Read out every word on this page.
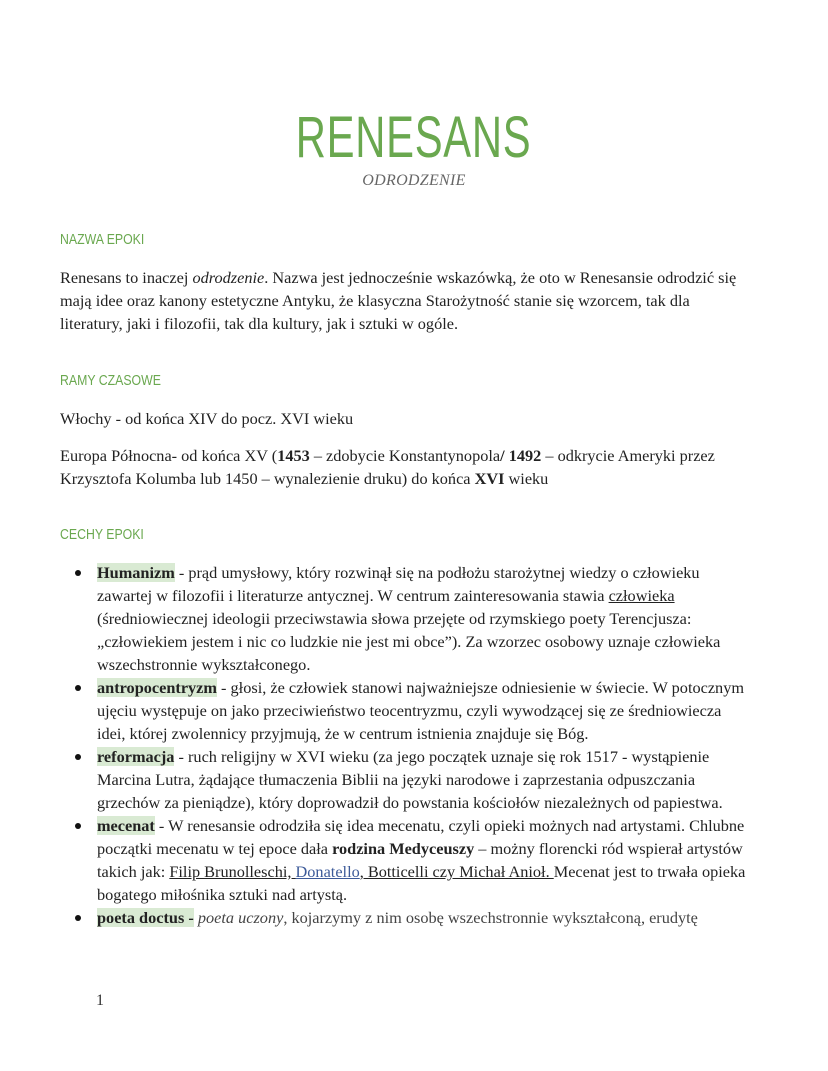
RENESANS
ODRODZENIE
NAZWA EPOKI
Renesans to inaczej odrodzenie. Nazwa jest jednocześnie wskazówką, że oto w Renesansie odrodzić się mają idee oraz kanony estetyczne Antyku, że klasyczna Starożytność stanie się wzorcem, tak dla literatury, jaki i filozofii, tak dla kultury, jak i sztuki w ogóle.
RAMY CZASOWE
Włochy - od końca XIV do pocz. XVI wieku
Europa Północna- od końca XV (1453 – zdobycie Konstantynopola/ 1492 – odkrycie Ameryki przez Krzysztofa Kolumba lub 1450 – wynalezienie druku) do końca XVI wieku
CECHY EPOKI
Humanizm - prąd umysłowy, który rozwinął się na podłożu starożytnej wiedzy o człowieku zawartej w filozofii i literaturze antycznej. W centrum zainteresowania stawia człowieka (średniowiecznej ideologii przeciwstawia słowa przejęte od rzymskiego poety Terencjusza: „człowiekiem jestem i nic co ludzkie nie jest mi obce”). Za wzorzec osobowy uznaje człowieka wszechstronnie wykształconego.
antropocentryzm - głosi, że człowiek stanowi najważniejsze odniesienie w świecie. W potocznym ujęciu występuje on jako przeciwieństwo teocentryzmu, czyli wywodzącej się ze średniowiecza idei, której zwolennicy przyjmują, że w centrum istnienia znajduje się Bóg.
reformacja - ruch religijny w XVI wieku (za jego początek uznaje się rok 1517 - wystąpienie Marcina Lutra, żądające tłumaczenia Biblii na języki narodowe i zaprzestania odpuszczania grzechów za pieniądze), który doprowadził do powstania kościołów niezależnych od papiestwa.
mecenat - W renesansie odrodziła się idea mecenatu, czyli opieki możnych nad artystami. Chlubne początki mecenatu w tej epoce dała rodzina Medyceuszy – możny florencki ród wspierał artystów takich jak: Filip Brunolleschi, Donatello, Botticelli czy Michał Anioł. Mecenat jest to trwała opieka bogatego miłośnika sztuki nad artystą.
poeta doctus - poeta uczony, kojarzymy z nim osobę wszechstronnie wykształconą, erudytę
1
